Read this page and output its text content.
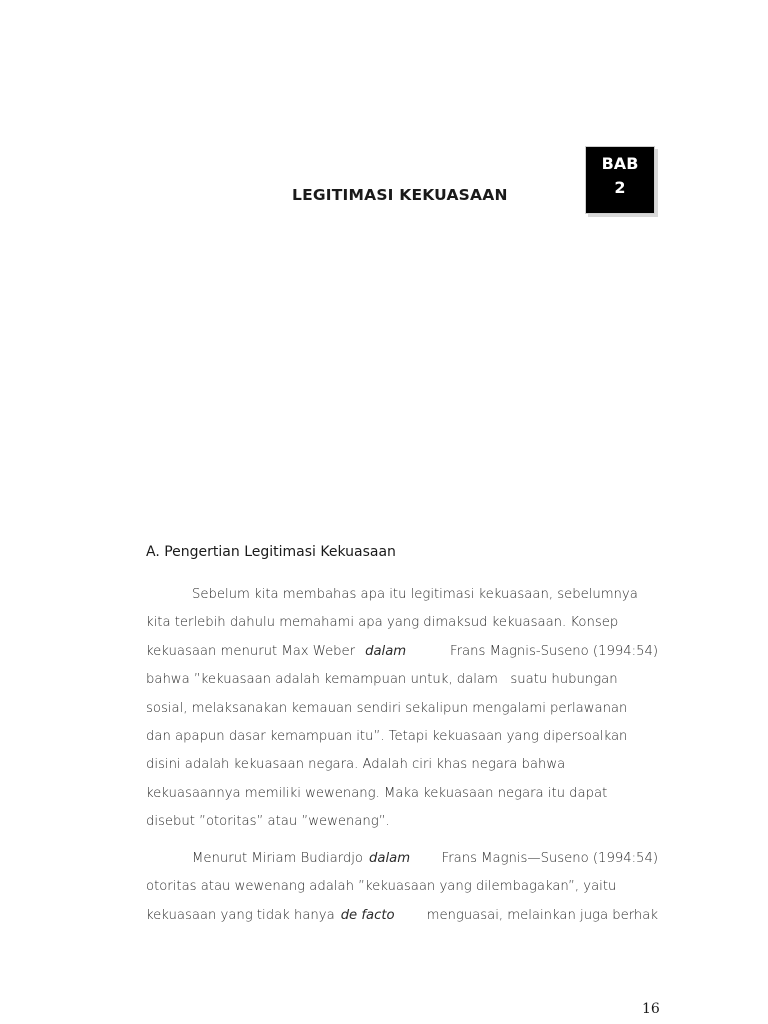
LEGITIMASI KEKUASAAN
BAB
2
A. Pengertian Legitimasi Kekuasaan
Sebelum kita membahas apa itu legitimasi kekuasaan, sebelumnya
kita terlebih dahulu memahami apa yang dimaksud kekuasaan. Konsep
kekuasaan menurut Max Weber dalam	Frans Magnis-Suseno (1994:54)
bahwa ”kekuasaan adalah kemampuan untuk, dalam   suatu hubungan
sosial, melaksanakan kemauan sendiri sekalipun mengalami perlawanan
dan apapun dasar kemampuan itu”. Tetapi kekuasaan yang dipersoalkan
disini adalah kekuasaan negara. Adalah ciri khas negara bahwa
kekuasaannya memiliki wewenang. Maka kekuasaan negara itu dapat
disebut ”otoritas” atau ”wewenang”.
Menurut Miriam Budiardjo dalam Frans Magnis—Suseno (1994:54)
otoritas atau wewenang adalah ”kekuasaan yang dilembagakan”, yaitu
kekuasaan yang tidak hanya de facto menguasai, melainkan juga berhak
16
